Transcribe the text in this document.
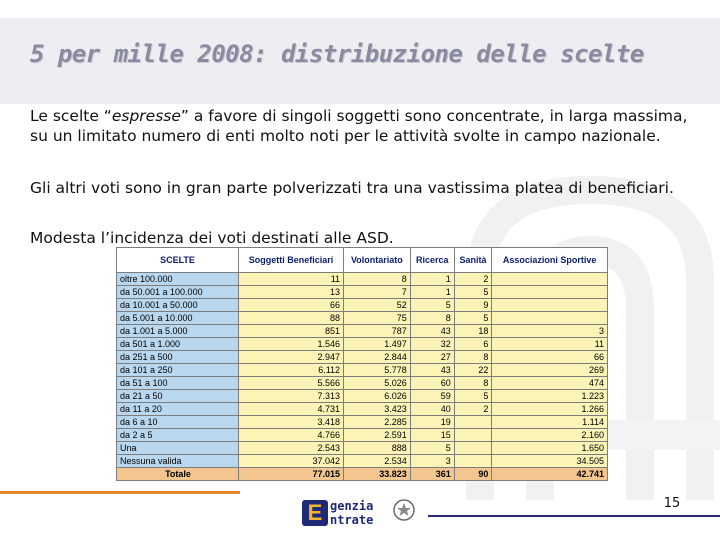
5 per mille 2008: distribuzione delle scelte

Le scelte “espresse” a favore di singoli soggetti sono concentrate, in larga massima, su un limitato numero di enti molto noti per le attività svolte in campo nazionale.

Gli altri voti sono in gran parte polverizzati tra una vastissima platea di beneficiari.

Modesta l’incidenza dei voti destinati alle ASD.

SCELTE	Soggetti Beneficiari	Volontariato	Ricerca	Sanità	Associazioni Sportive
oltre 100.000	11	8	1	2	
da 50.001 a 100.000	13	7	1	5	
da 10.001 a 50.000	66	52	5	9	
da 5.001 a 10.000	88	75	8	5	
da 1.001 a 5.000	851	787	43	18	3
da 501 a 1.000	1.546	1.497	32	6	11
da 251 a 500	2.947	2.844	27	8	66
da 101 a 250	6.112	5.778	43	22	269
da 51 a 100	5.566	5.026	60	8	474
da 21 a 50	7.313	6.026	59	5	1.223
da 11 a 20	4.731	3.423	40	2	1.266
da 6 a 10	3.418	2.285	19		1.114
da 2 a 5	4.766	2.591	15		2.160
Una	2.543	888	5		1.650
Nessuna valida	37.042	2.534	3		34.505
Totale	77.015	33.823	361	90	42.741
E genzia
ntrate
15
